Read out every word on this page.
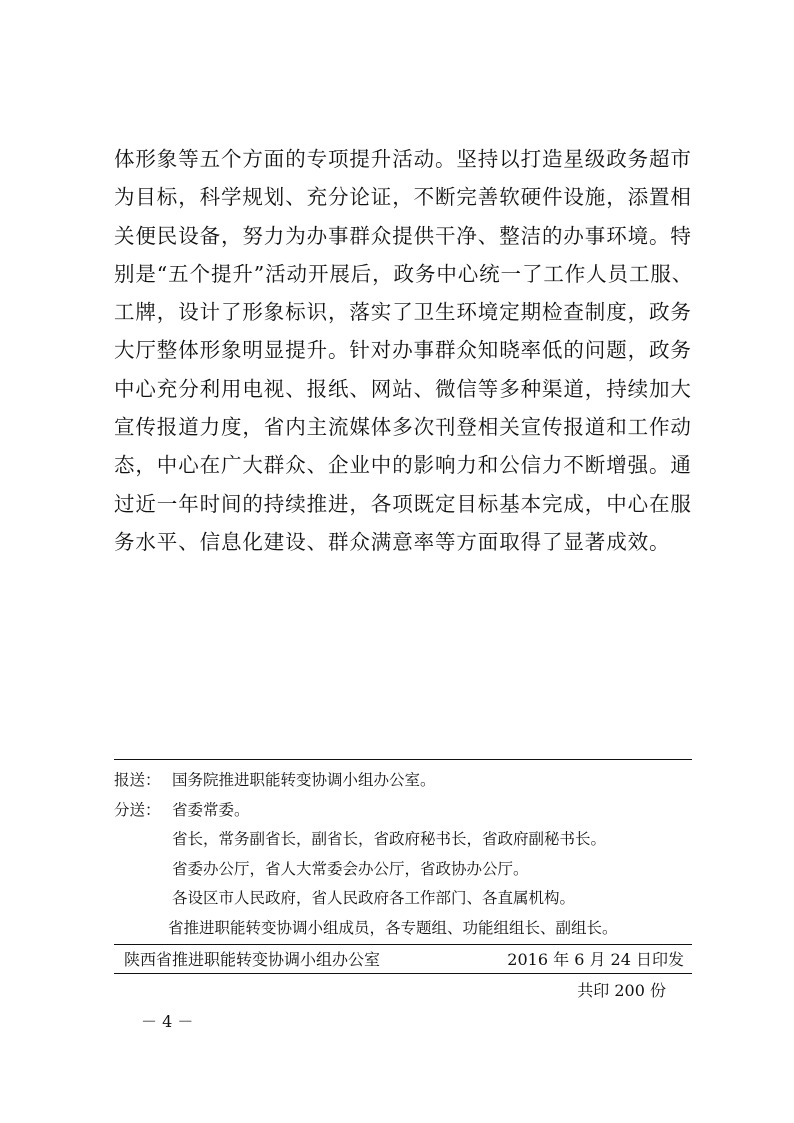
体形象等五个方面的专项提升活动。坚持以打造星级政务超市
为目标，科学规划、充分论证，不断完善软硬件设施，添置相
关便民设备，努力为办事群众提供干净、整洁的办事环境。特
别是“五个提升”活动开展后，政务中心统一了工作人员工服、
工牌，设计了形象标识，落实了卫生环境定期检查制度，政务
大厅整体形象明显提升。针对办事群众知晓率低的问题，政务
中心充分利用电视、报纸、网站、微信等多种渠道，持续加大
宣传报道力度，省内主流媒体多次刊登相关宣传报道和工作动
态，中心在广大群众、企业中的影响力和公信力不断增强。通
过近一年时间的持续推进，各项既定目标基本完成，中心在服
务水平、信息化建设、群众满意率等方面取得了显著成效。
报送： 国务院推进职能转变协调小组办公室。
分送： 省委常委。
省长，常务副省长，副省长，省政府秘书长，省政府副秘书长。
省委办公厅，省人大常委会办公厅，省政协办公厅。
各设区市人民政府，省人民政府各工作部门、各直属机构。
省推进职能转变协调小组成员，各专题组、功能组组长、副组长。
陕西省推进职能转变协调小组办公室	2016 年 6 月 24 日印发
共印 200 份
－ 4 －
